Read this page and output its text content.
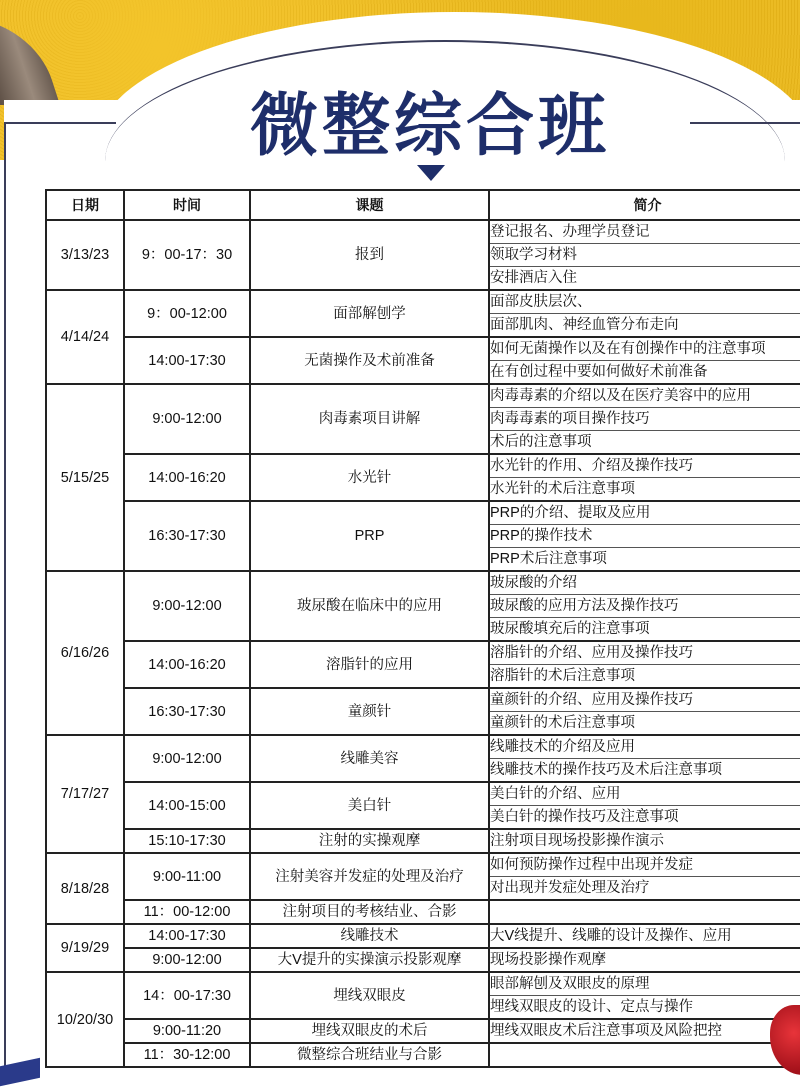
微整综合班
日期	时间	课题	简介
3/13/23	9：00-17：30	报到	登记报名、办理学员登记
领取学习材料
安排酒店入住

4/14/24	9：00-12:00	面部解刨学	面部皮肤层次、
面部肌肉、神经血管分布走向

	14:00-17:30	无菌操作及术前准备	如何无菌操作以及在有创操作中的注意事项
在有创过程中要如何做好术前准备

5/15/25	9:00-12:00	肉毒素项目讲解	肉毒毒素的介绍以及在医疗美容中的应用
肉毒毒素的项目操作技巧
术后的注意事项

	14:00-16:20	水光针	水光针的作用、介绍及操作技巧
水光针的术后注意事项

	16:30-17:30	PRP	PRP的介绍、提取及应用
PRP的操作技术
PRP术后注意事项

6/16/26	9:00-12:00	玻尿酸在临床中的应用	玻尿酸的介绍
玻尿酸的应用方法及操作技巧
玻尿酸填充后的注意事项

	14:00-16:20	溶脂针的应用	溶脂针的介绍、应用及操作技巧
溶脂针的术后注意事项

	16:30-17:30	童颜针	童颜针的介绍、应用及操作技巧
童颜针的术后注意事项

7/17/27	9:00-12:00	线雕美容	线雕技术的介绍及应用
线雕技术的操作技巧及术后注意事项

	14:00-15:00	美白针	美白针的介绍、应用
美白针的操作技巧及注意事项

	15:10-17:30	注射的实操观摩	注射项目现场投影操作演示

8/18/28	9:00-11:00	注射美容并发症的处理及治疗	如何预防操作过程中出现并发症
对出现并发症处理及治疗

	11：00-12:00	注射项目的考核结业、合影	

9/19/29	14:00-17:30	线雕技术	大V线提升、线雕的设计及操作、应用

	9:00-12:00	大V提升的实操演示投影观摩	现场投影操作观摩

10/20/30	14：00-17:30	埋线双眼皮	眼部解刨及双眼皮的原理
埋线双眼皮的设计、定点与操作

	9:00-11:20	埋线双眼皮的术后	埋线双眼皮术后注意事项及风险把控

	11：30-12:00	微整综合班结业与合影	
